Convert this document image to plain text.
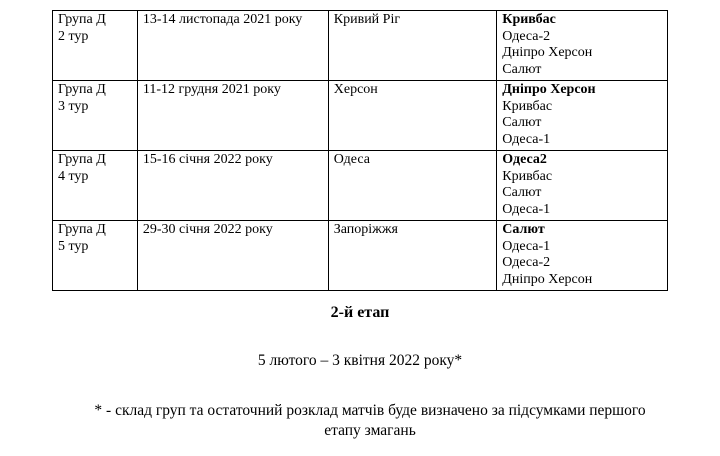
Група Д
2 тур	13-14 листопада 2021 року	Кривий Ріг	Кривбас
Одеса-2
Дніпро Херсон
Салют

Група Д
3 тур	11-12 грудня 2021 року	Херсон	Дніпро Херсон
Кривбас
Салют
Одеса-1

Група Д
4 тур	15-16 січня 2022 року	Одеса	Одеса2
Кривбас
Салют
Одеса-1

Група Д
5 тур	29-30 січня 2022 року	Запоріжжя	Салют
Одеса-1
Одеса-2
Дніпро Херсон
2-й етап
5 лютого – 3 квітня 2022 року*
* - склад груп та остаточний розклад матчів буде визначено за підсумками першого
етапу змагань
